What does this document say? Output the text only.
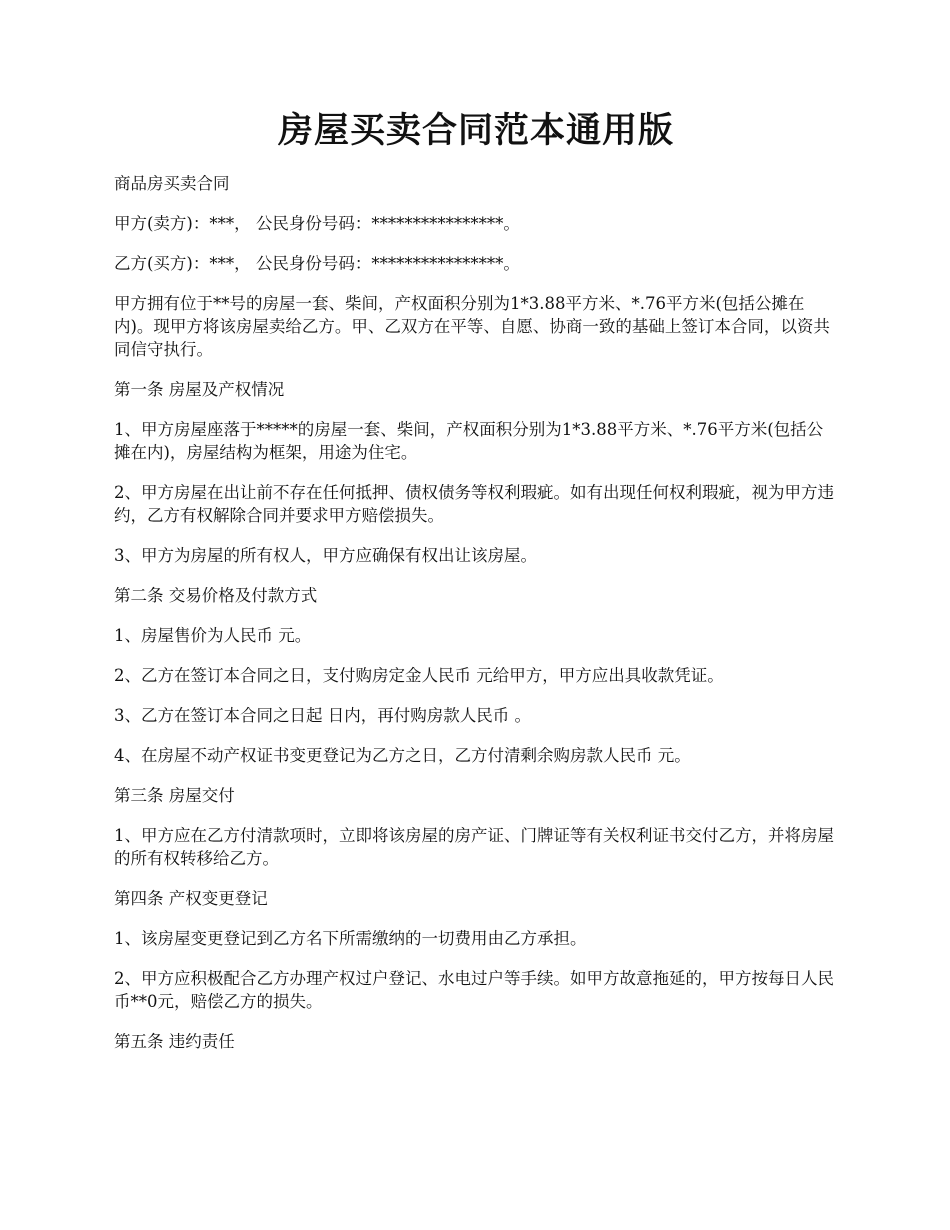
房屋买卖合同范本通用版

商品房买卖合同

甲方(卖方)：***， 公民身份号码：****************。

乙方(买方)：***， 公民身份号码：****************。

甲方拥有位于**号的房屋一套、柴间，产权面积分别为1*3.88平方米、*.76平方米(包括公摊在内)。现甲方将该房屋卖给乙方。甲、乙双方在平等、自愿、协商一致的基础上签订本合同，以资共同信守执行。

第一条 房屋及产权情况

1、甲方房屋座落于*****的房屋一套、柴间，产权面积分别为1*3.88平方米、*.76平方米(包括公摊在内)，房屋结构为框架，用途为住宅。

2、甲方房屋在出让前不存在任何抵押、债权债务等权利瑕疵。如有出现任何权利瑕疵，视为甲方违约，乙方有权解除合同并要求甲方赔偿损失。

3、甲方为房屋的所有权人，甲方应确保有权出让该房屋。

第二条 交易价格及付款方式

1、房屋售价为人民币 元。

2、乙方在签订本合同之日，支付购房定金人民币 元给甲方，甲方应出具收款凭证。

3、乙方在签订本合同之日起 日内，再付购房款人民币 。

4、在房屋不动产权证书变更登记为乙方之日，乙方付清剩余购房款人民币 元。

第三条 房屋交付

1、甲方应在乙方付清款项时，立即将该房屋的房产证、门牌证等有关权利证书交付乙方，并将房屋的所有权转移给乙方。

第四条 产权变更登记

1、该房屋变更登记到乙方名下所需缴纳的一切费用由乙方承担。

2、甲方应积极配合乙方办理产权过户登记、水电过户等手续。如甲方故意拖延的，甲方按每日人民币**0元，赔偿乙方的损失。

第五条 违约责任
